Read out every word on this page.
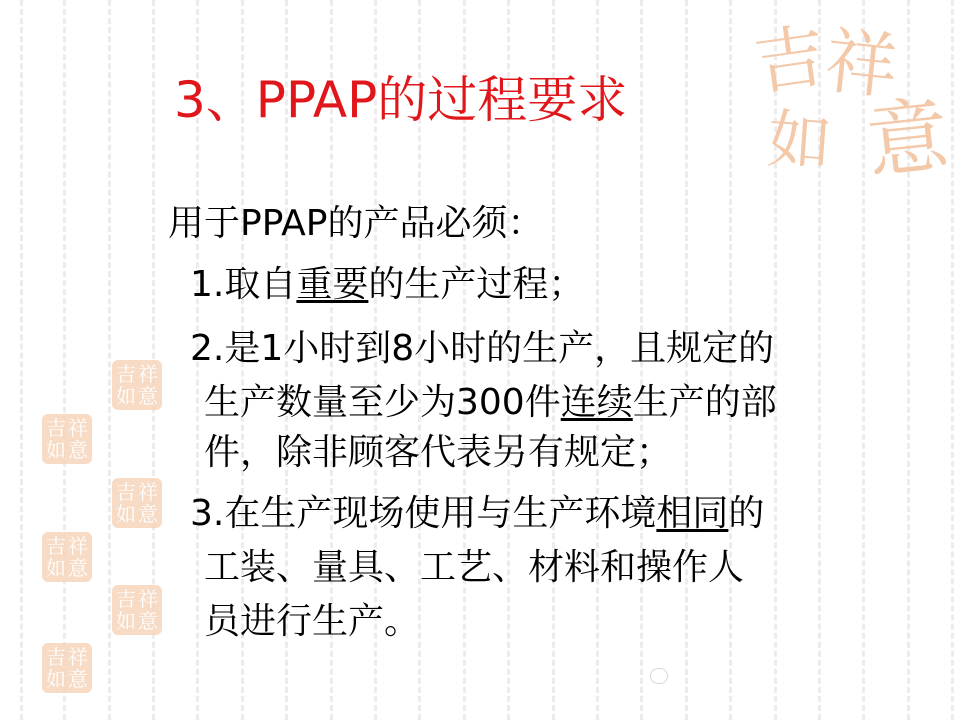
吉
祥
如 意
吉 祥
如 意
吉 祥
如 意
吉 祥
如 意
吉 祥
如 意
吉 祥
如 意
吉 祥
如 意
3、PPAP的过程要求
用于PPAP的产品必须：
1.取自重要的生产过程；
2.是1小时到8小时的生产，且规定的
生产数量至少为300件连续生产的部
件，除非顾客代表另有规定；
3.在生产现场使用与生产环境相同的
工装、量具、工艺、材料和操作人
员进行生产。
